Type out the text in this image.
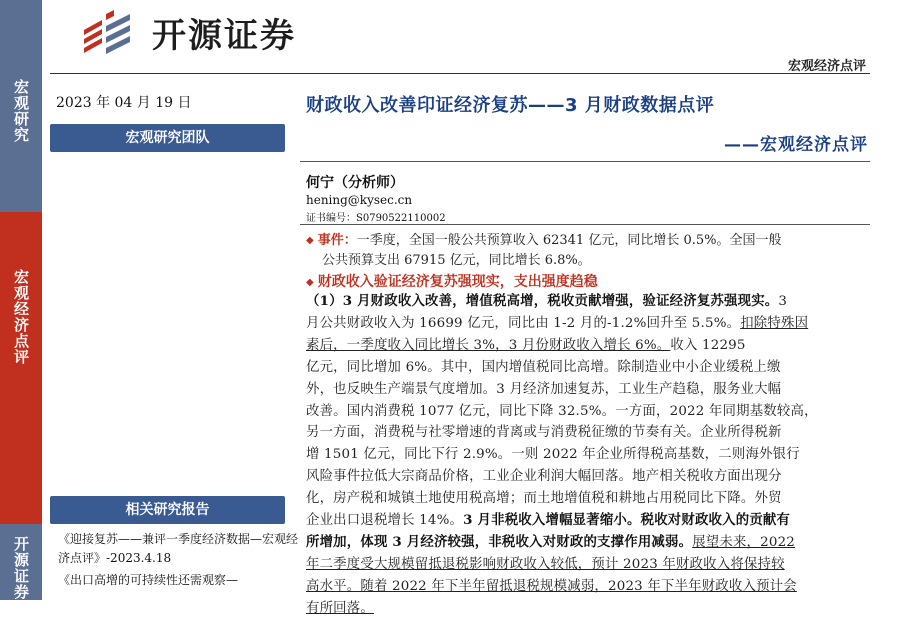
宏观研究
宏观经济点评
开源证券
开源证券
宏观经济点评
2023 年 04 月 19 日
宏观研究团队
相关研究报告
《迎接复苏——兼评一季度经济数据—宏观经济点评》-2023.4.18
《出口高增的可持续性还需观察—
财政收入改善印证经济复苏——3 月财政数据点评
——宏观经济点评
何宁（分析师）
hening@kysec.cn
证书编号：S0790522110002
◆ 事件：一季度，全国一般公共预算收入 62341 亿元，同比增长 0.5%。全国一般
公共预算支出 67915 亿元，同比增长 6.8%。
◆ 财政收入验证经济复苏强现实，支出强度趋稳
（1）3 月财政收入改善，增值税高增，税收贡献增强，验证经济复苏强现实。3
月公共财政收入为 16699 亿元，同比由 1-2 月的-1.2%回升至 5.5%。扣除特殊因
素后，一季度收入同比增长 3%，3 月份财政收入增长 6%。收入 12295
亿元，同比增加 6%。其中，国内增值税同比高增。除制造业中小企业缓税上缴
外，也反映生产端景气度增加。3 月经济加速复苏，工业生产趋稳，服务业大幅
改善。国内消费税 1077 亿元，同比下降 32.5%。一方面，2022 年同期基数较高，
另一方面，消费税与社零增速的背离或与消费税征缴的节奏有关。企业所得税新
增 1501 亿元，同比下行 2.9%。一则 2022 年企业所得税高基数，二则海外银行
风险事件拉低大宗商品价格，工业企业利润大幅回落。地产相关税收方面出现分
化，房产税和城镇土地使用税高增；而土地增值税和耕地占用税同比下降。外贸
企业出口退税增长 14%。3 月非税收入增幅显著缩小。税收对财政收入的贡献有
所增加，体现 3 月经济较强，非税收入对财政的支撑作用减弱。展望未来，2022
年二季度受大规模留抵退税影响财政收入较低，预计 2023 年财政收入将保持较
高水平。随着 2022 年下半年留抵退税规模减弱，2023 年下半年财政收入预计会
有所回落。
